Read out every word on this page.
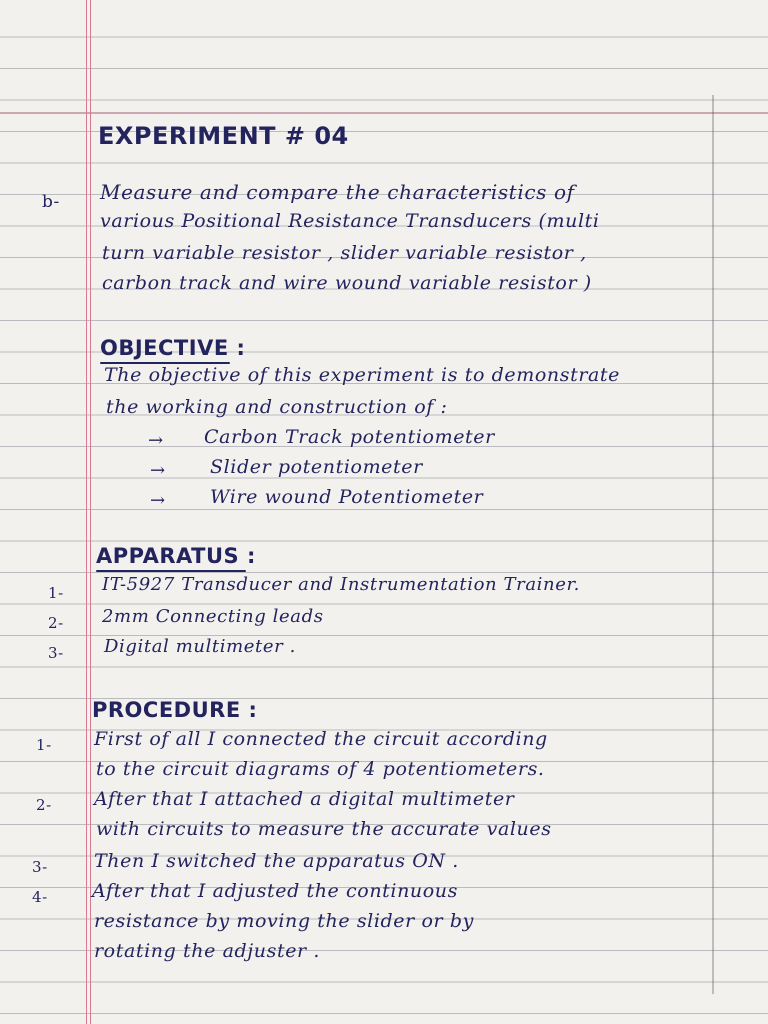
EXPERIMENT # 04
b- Measure and compare the characteristics of
various Positional Resistance Transducers (multi
turn variable resistor , slider variable resistor ,
carbon track and wire wound variable resistor )
OBJECTIVE :
The objective of this experiment is to demonstrate
the working and construction of :
→ Carbon Track potentiometer
→ Slider potentiometer
→ Wire wound Potentiometer
APPARATUS :
1- IT-5927 Transducer and Instrumentation Trainer.
2- 2mm Connecting leads
3- Digital multimeter .
PROCEDURE :
1- First of all I connected the circuit according
to the circuit diagrams of 4 potentiometers.
2- After that I attached a digital multimeter
with circuits to measure the accurate values
3- Then I switched the apparatus ON .
4- After that I adjusted the continuous
resistance by moving the slider or by
rotating the adjuster .
